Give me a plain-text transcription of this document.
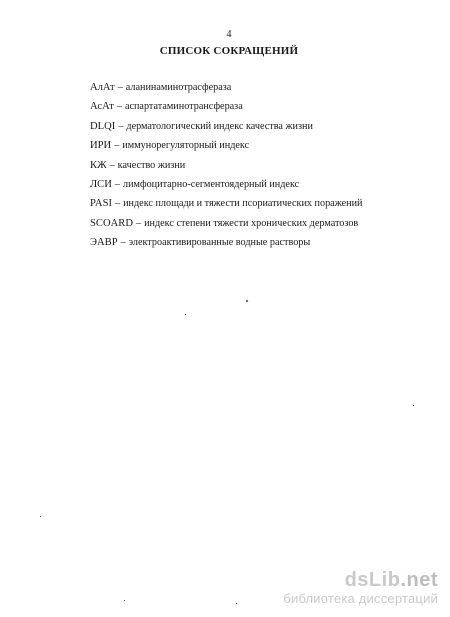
4
СПИСОК СОКРАЩЕНИЙ
АлАт – аланинаминотрасфераза
АсАт – аспартатаминотрансфераза
DLQI – дерматологический индекс качества жизни
ИРИ – иммунорегуляторный индекс
КЖ – качество жизни
ЛСИ – лимфоцитарно-сегментоядерный индекс
PASI – индекс площади и тяжести псориатических поражений
SCOARD – индекс степени тяжести хронических дерматозов
ЭАВР – электроактивированные водные растворы
dsLib.net
библиотека диссертаций
